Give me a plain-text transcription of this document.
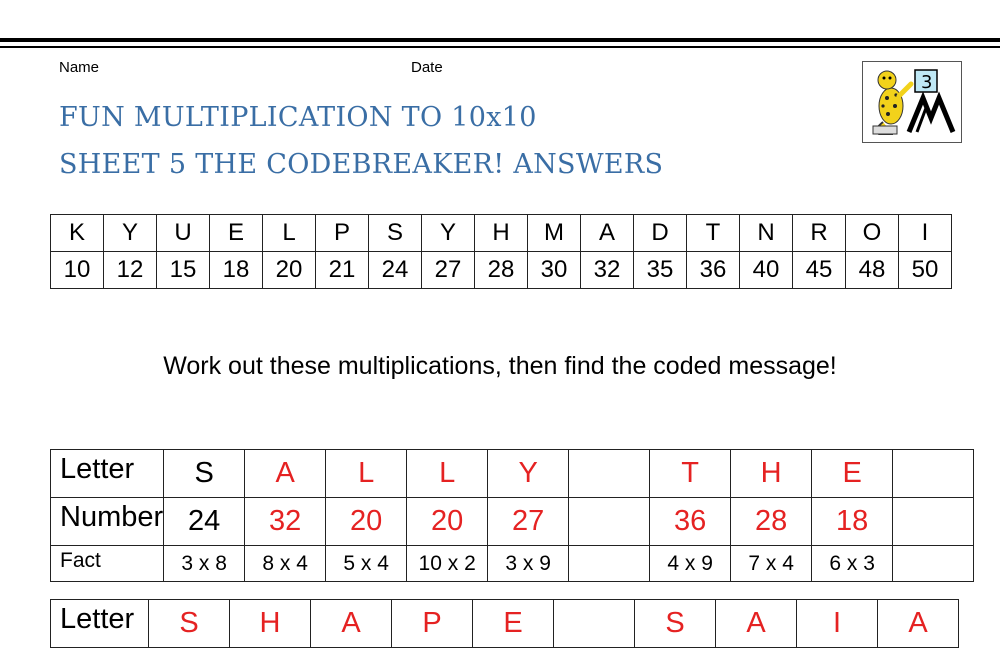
Name	Date
FUN MULTIPLICATION TO 10x10
SHEET 5 THE CODEBREAKER! ANSWERS
3
K	Y	U	E	L	P	S	Y	H	M	A	D	T	N	R	O	I
10	12	15	18	20	21	24	27	28	30	32	35	36	40	45	48	50
Work out these multiplications, then find the coded message!
Letter	S	A	L	L	Y		T	H	E	
Number	24	32	20	20	27		36	28	18	
Fact	3 x 8	8 x 4	5 x 4	10 x 2	3 x 9		4 x 9	7 x 4	6 x 3	
Letter	S	H	A	P	E		S	A	I	A
